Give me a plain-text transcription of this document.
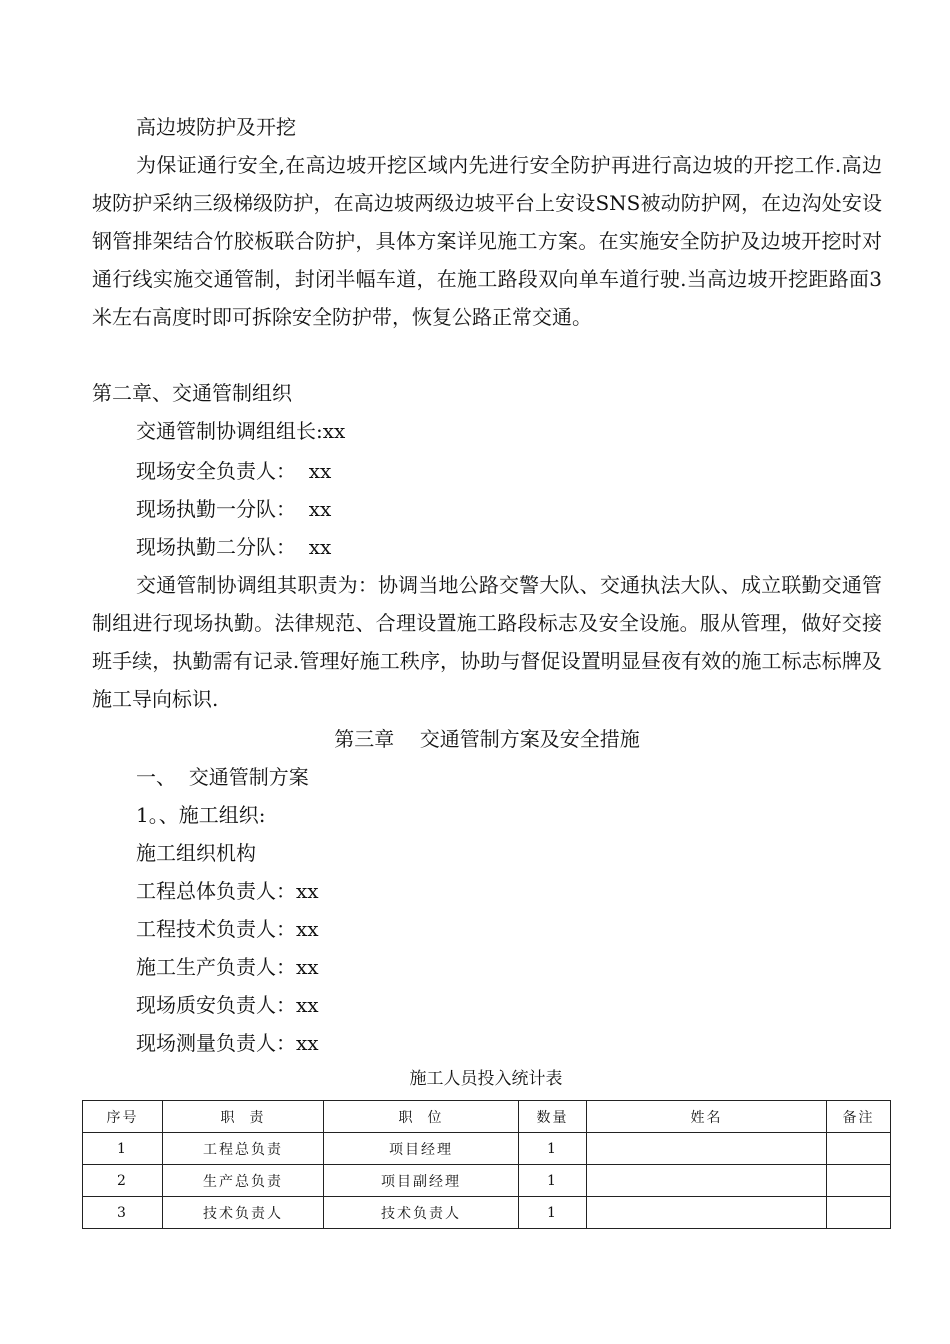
高边坡防护及开挖
为保证通行安全,在高边坡开挖区域内先进行安全防护再进行高边坡的开挖工作.高边坡防护采纳三级梯级防护，在高边坡两级边坡平台上安设SNS被动防护网，在边沟处安设钢管排架结合竹胶板联合防护，具体方案详见施工方案。在实施安全防护及边坡开挖时对通行线实施交通管制，封闭半幅车道，在施工路段双向单车道行驶.当高边坡开挖距路面3米左右高度时即可拆除安全防护带，恢复公路正常交通。
第二章、交通管制组织
交通管制协调组组长:xx
现场安全负责人：  xx
现场执勤一分队：  xx
现场执勤二分队：  xx
交通管制协调组其职责为：协调当地公路交警大队、交通执法大队、成立联勤交通管制组进行现场执勤。法律规范、合理设置施工路段标志及安全设施。服从管理，做好交接班手续，执勤需有记录.管理好施工秩序，协助与督促设置明显昼夜有效的施工标志标牌及施工导向标识.
第三章    交通管制方案及安全措施
一、  交通管制方案
1。、施工组织:
施工组织机构
工程总体负责人：xx
工程技术负责人：xx
施工生产负责人：xx
现场质安负责人：xx
现场测量负责人：xx
施工人员投入统计表
序号	职  责	职  位	数量	姓名	备注
1	工程总负责	项目经理	1		
2	生产总负责	项目副经理	1		
3	技术负责人	技术负责人	1		
